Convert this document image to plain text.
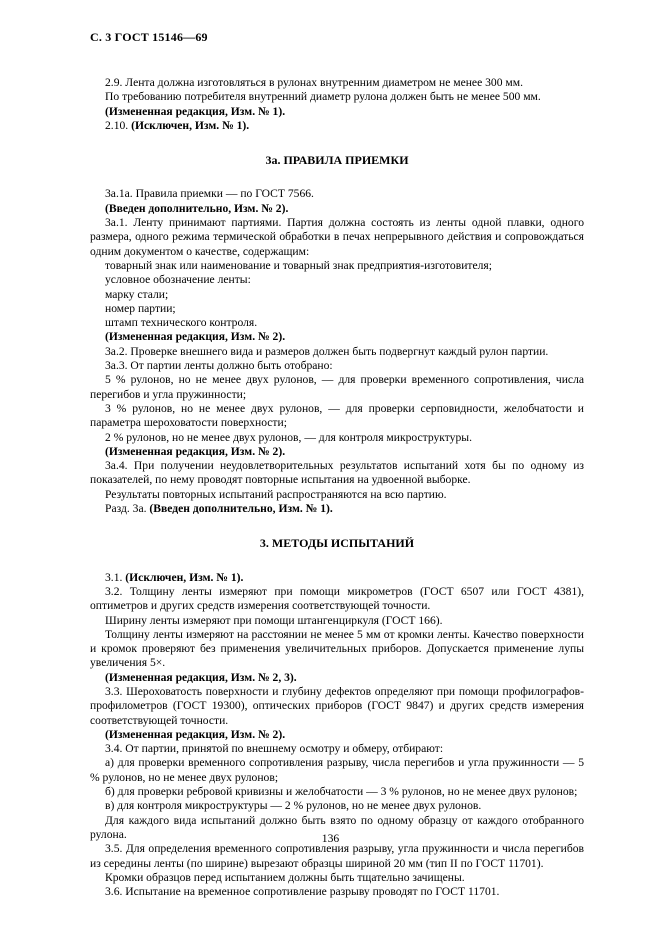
С. 3 ГОСТ 15146—69

2.9. Лента должна изготовляться в рулонах внутренним диаметром не менее 300 мм.

По требованию потребителя внутренний диаметр рулона должен быть не менее 500 мм.

(Измененная редакция, Изм. № 1).

2.10. (Исключен, Изм. № 1).

3а. ПРАВИЛА ПРИЕМКИ

3а.1а. Правила приемки — по ГОСТ 7566.

(Введен дополнительно, Изм. № 2).

3а.1. Ленту принимают партиями. Партия должна состоять из ленты одной плавки, одного размера, одного режима термической обработки в печах непрерывного действия и сопровождаться одним документом о качестве, содержащим:

товарный знак или наименование и товарный знак предприятия-изготовителя;

условное обозначение ленты:

марку стали;

номер партии;

штамп технического контроля.

(Измененная редакция, Изм. № 2).

3а.2. Проверке внешнего вида и размеров должен быть подвергнут каждый рулон партии.

3а.3. От партии ленты должно быть отобрано:

5 % рулонов, но не менее двух рулонов, — для проверки временного сопротивления, числа перегибов и угла пружинности;

3 % рулонов, но не менее двух рулонов, — для проверки серповидности, желобчатости и параметра шероховатости поверхности;

2 % рулонов, но не менее двух рулонов, — для контроля микроструктуры.

(Измененная редакция, Изм. № 2).

3а.4. При получении неудовлетворительных результатов испытаний хотя бы по одному из показателей, по нему проводят повторные испытания на удвоенной выборке.

Результаты повторных испытаний распространяются на всю партию.

Разд. 3а. (Введен дополнительно, Изм. № 1).

3. МЕТОДЫ ИСПЫТАНИЙ

3.1. (Исключен, Изм. № 1).

3.2. Толщину ленты измеряют при помощи микрометров (ГОСТ 6507 или ГОСТ 4381), оптиметров и других средств измерения соответствующей точности.

Ширину ленты измеряют при помощи штангенциркуля (ГОСТ 166).

Толщину ленты измеряют на расстоянии не менее 5 мм от кромки ленты. Качество поверхности и кромок проверяют без применения увеличительных приборов. Допускается применение лупы увеличения 5×.

(Измененная редакция, Изм. № 2, 3).

3.3. Шероховатость поверхности и глубину дефектов определяют при помощи профилографов-профилометров (ГОСТ 19300), оптических приборов (ГОСТ 9847) и других средств измерения соответствующей точности.

(Измененная редакция, Изм. № 2).

3.4. От партии, принятой по внешнему осмотру и обмеру, отбирают:

а) для проверки временного сопротивления разрыву, числа перегибов и угла пружинности — 5 % рулонов, но не менее двух рулонов;

б) для проверки ребровой кривизны и желобчатости — 3 % рулонов, но не менее двух рулонов;

в) для контроля микроструктуры — 2 % рулонов, но не менее двух рулонов.

Для каждого вида испытаний должно быть взято по одному образцу от каждого отобранного рулона.

3.5. Для определения временного сопротивления разрыву, угла пружинности и числа перегибов из середины ленты (по ширине) вырезают образцы шириной 20 мм (тип II по ГОСТ 11701).

Кромки образцов перед испытанием должны быть тщательно зачищены.

3.6. Испытание на временное сопротивление разрыву проводят по ГОСТ 11701.

136
